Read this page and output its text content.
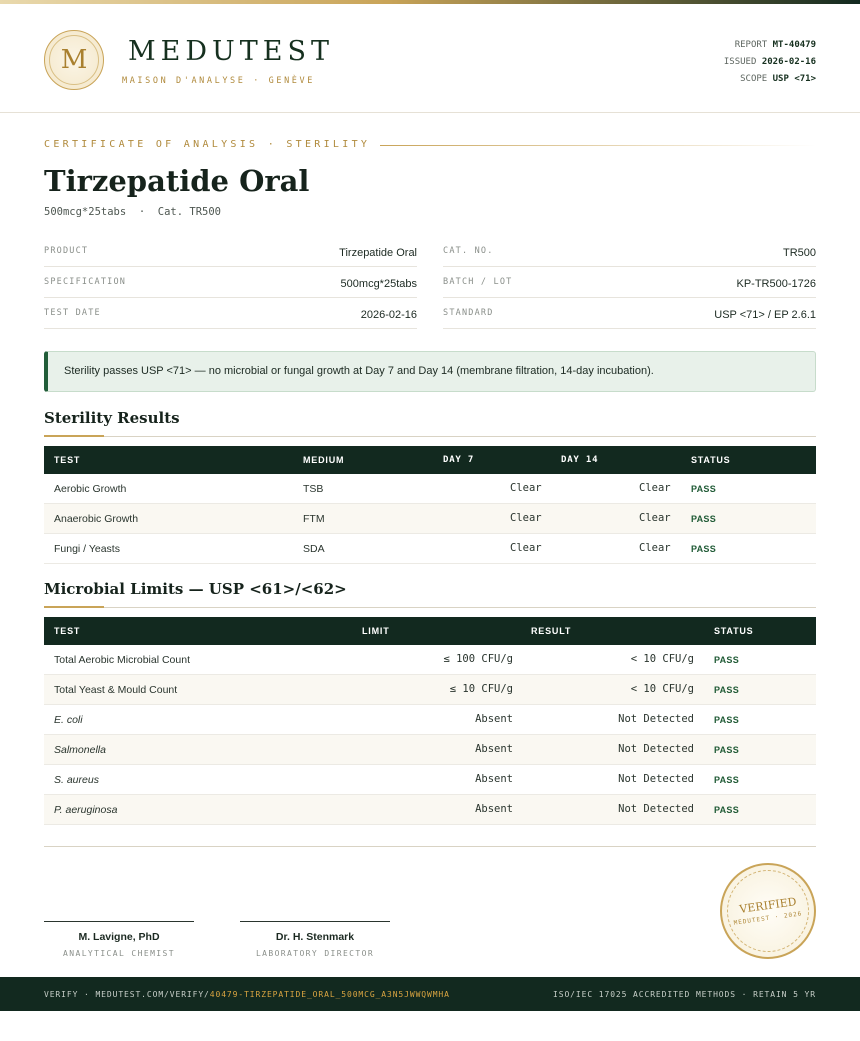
M MEDUTEST
MAISON D'ANALYSE · GENÈVE
REPORT MT-40479
ISSUED 2026-02-16
SCOPE USP <71>
CERTIFICATE OF ANALYSIS · STERILITY
Tirzepatide Oral
500mcg*25tabs  ·  Cat. TR500
PRODUCT	Tirzepatide Oral
SPECIFICATION	500mcg*25tabs
TEST DATE	2026-02-16
CAT. NO.	TR500
BATCH / LOT	KP-TR500-1726
STANDARD	USP <71> / EP 2.6.1
Sterility passes USP <71> — no microbial or fungal growth at Day 7 and Day 14 (membrane filtration, 14-day incubation).
Sterility Results
TEST	MEDIUM	DAY 7	DAY 14	STATUS
Aerobic Growth	TSB	Clear	Clear PASS
Anaerobic Growth	FTM	Clear	Clear PASS
Fungi / Yeasts	SDA	Clear	Clear PASS
Microbial Limits — USP <61>/<62>
TEST	LIMIT	RESULT	STATUS
Total Aerobic Microbial Count	≤ 100 CFU/g	< 10 CFU/g PASS
Total Yeast & Mould Count	≤ 10 CFU/g	< 10 CFU/g PASS
E. coli	Absent	Not Detected PASS
Salmonella	Absent	Not Detected PASS
S. aureus	Absent	Not Detected PASS
P. aeruginosa	Absent	Not Detected PASS
M. Lavigne, PhD
ANALYTICAL CHEMIST
Dr. H. Stenmark
LABORATORY DIRECTOR
VERIFIED
MEDUTEST · 2026
VERIFY · MEDUTEST.COM/VERIFY/40479-TIRZEPATIDE_ORAL_500MCG_A3N5JWWQWMHA	ISO/IEC 17025 ACCREDITED METHODS · RETAIN 5 YR
